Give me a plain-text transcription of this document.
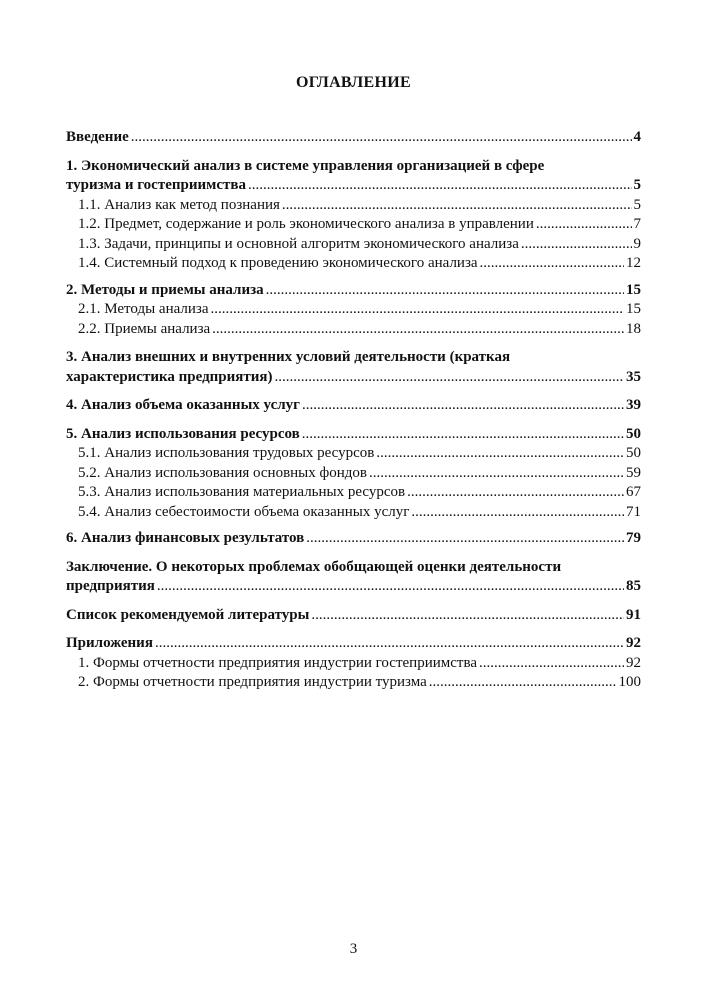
ОГЛАВЛЕНИЕ
Введение .....	4
1. Экономический анализ в системе управления организацией в сфере
туризма и гостеприимства .....	5
1.1. Анализ как метод познания .....	5
1.2. Предмет, содержание и роль экономического анализа в управлении .....	7
1.3. Задачи, принципы и основной алгоритм экономического анализа .....	9
1.4. Системный подход к проведению экономического анализа .....	12
2. Методы и приемы анализа .....	15
2.1. Методы анализа .....	15
2.2. Приемы анализа .....	18
3. Анализ внешних и внутренних условий деятельности (краткая
характеристика предприятия) .....	35
4. Анализ объема оказанных услуг .....	39
5. Анализ использования ресурсов .....	50
5.1. Анализ использования трудовых ресурсов .....	50
5.2. Анализ использования основных фондов .....	59
5.3. Анализ использования материальных ресурсов .....	67
5.4. Анализ себестоимости объема оказанных услуг .....	71
6. Анализ финансовых результатов .....	79
Заключение. О некоторых проблемах обобщающей оценки деятельности
предприятия .....	85
Список рекомендуемой литературы .....	91
Приложения .....	92
1. Формы отчетности предприятия индустрии гостеприимства .....	92
2. Формы отчетности предприятия индустрии туризма .....	100
3
